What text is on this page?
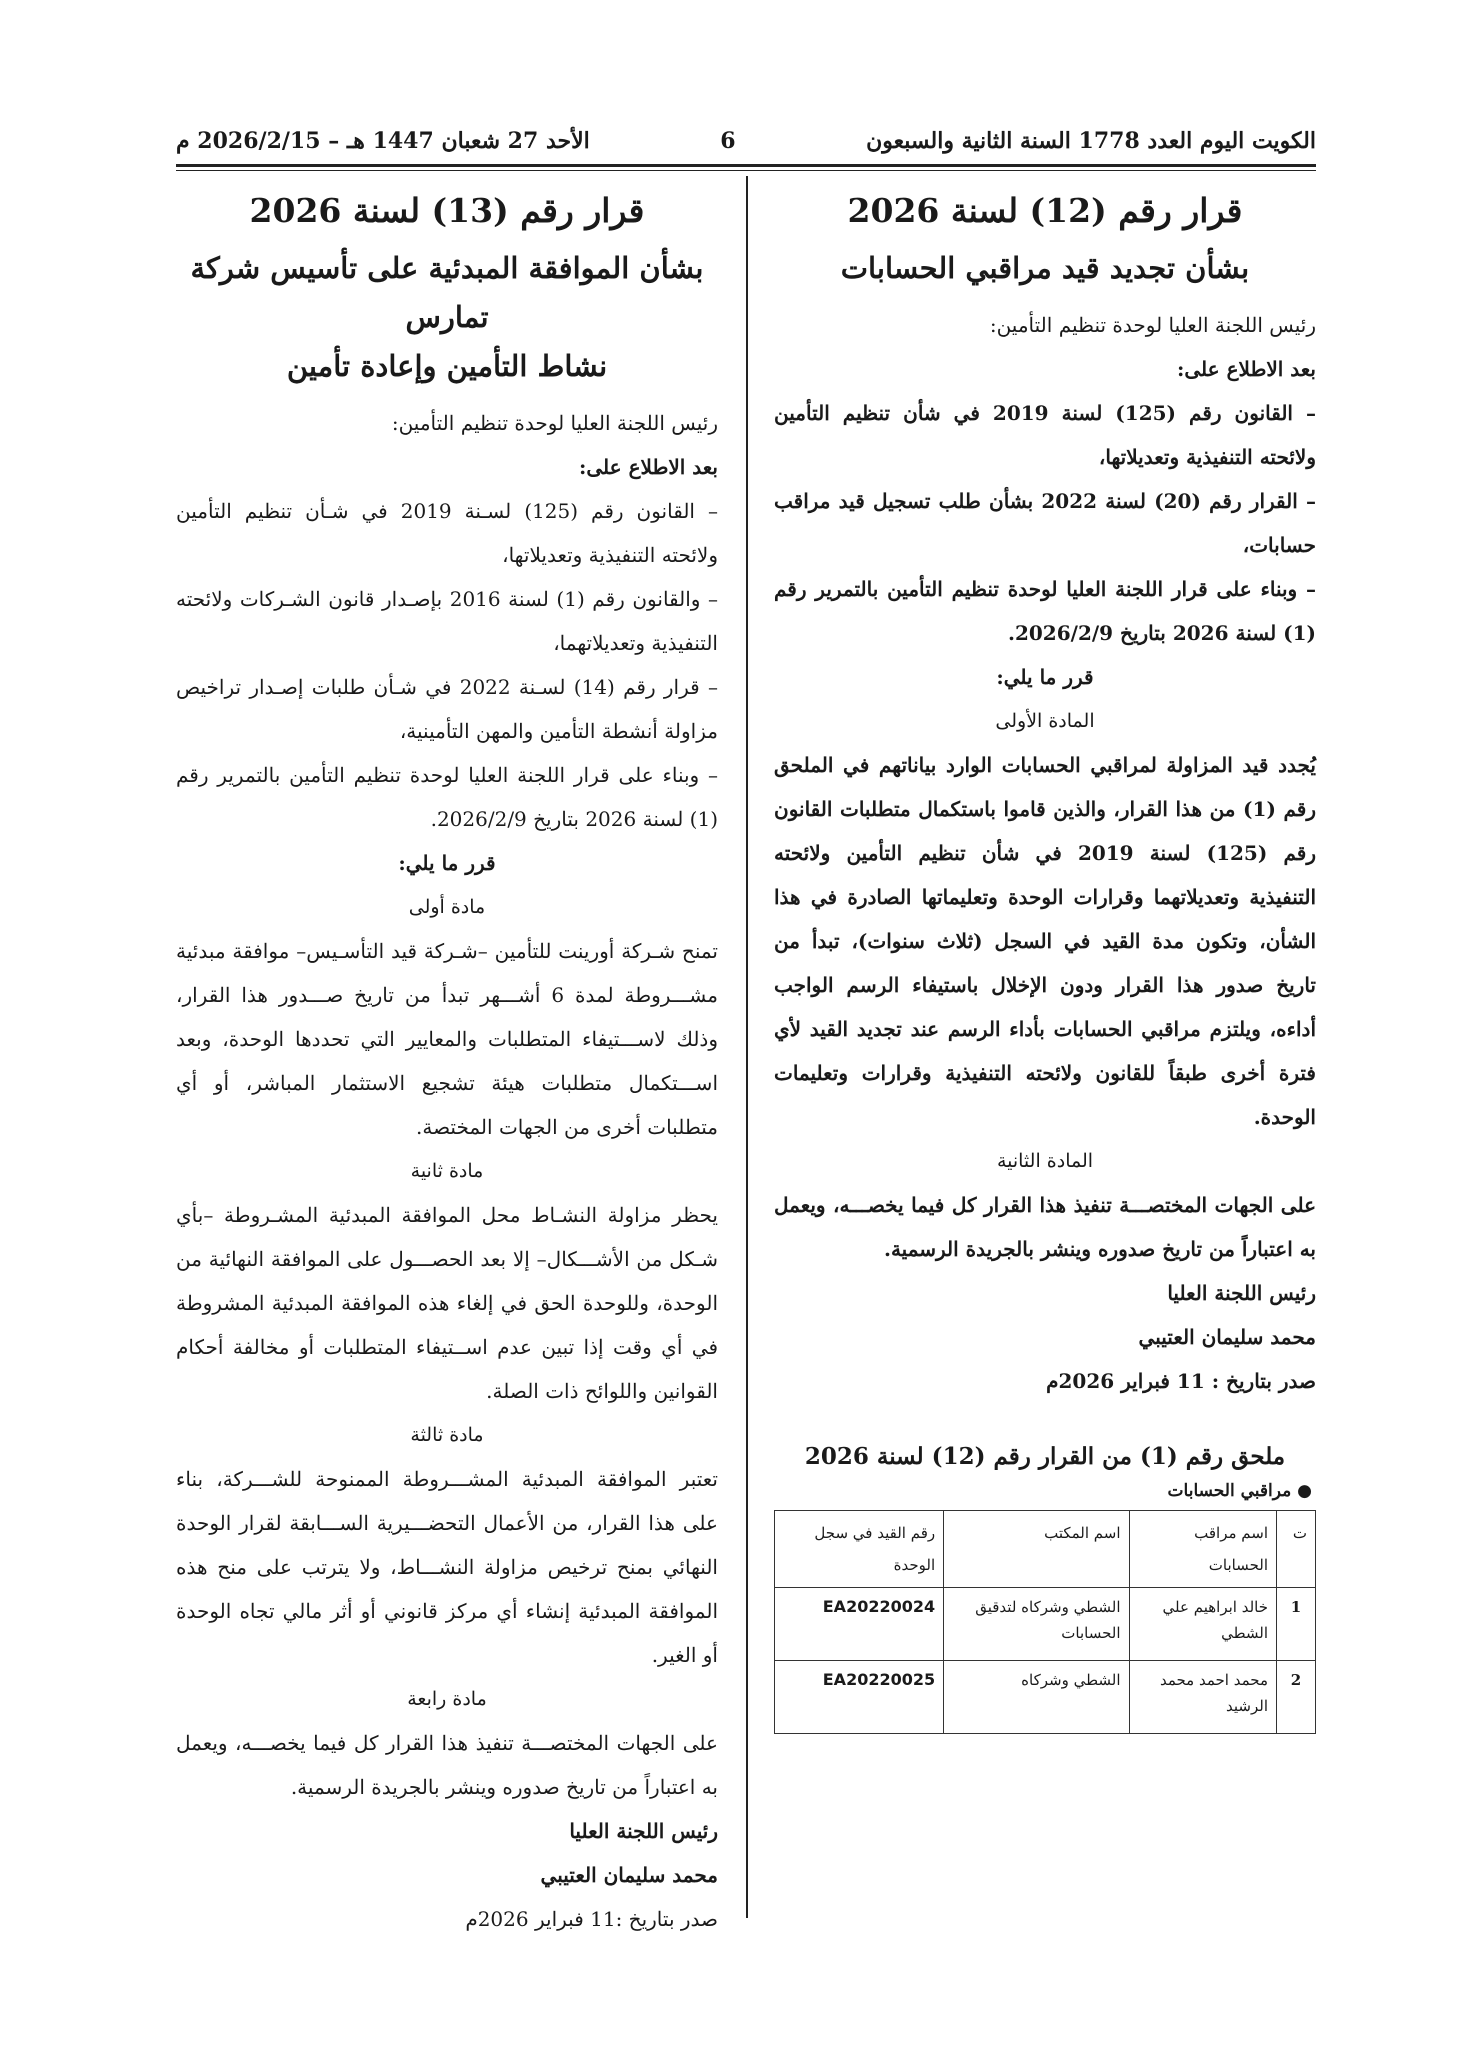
الكويت اليوم العدد 1778 السنة الثانية والسبعون
6
الأحد 27 شعبان 1447 هـ – 2026/2/15 م
قرار رقم (12) لسنة 2026
بشأن تجديد قيد مراقبي الحسابات

رئيس اللجنة العليا لوحدة تنظيم التأمين:

بعد الاطلاع على:

– القانون رقم (125) لسنة 2019 في شأن تنظيم التأمين ولائحته التنفيذية وتعديلاتها،

– القرار رقم (20) لسنة 2022 بشأن طلب تسجيل قيد مراقب حسابات،

– وبناء على قرار اللجنة العليا لوحدة تنظيم التأمين بالتمرير رقم (1) لسنة 2026 بتاريخ 2026/2/9.

قرر ما يلي:

المادة الأولى

يُجدد قيد المزاولة لمراقبي الحسابات الوارد بياناتهم في الملحق رقم (1) من هذا القرار، والذين قاموا باستكمال متطلبات القانون رقم (125) لسنة 2019 في شأن تنظيم التأمين ولائحته التنفيذية وتعديلاتهما وقرارات الوحدة وتعليماتها الصادرة في هذا الشأن، وتكون مدة القيد في السجل (ثلاث سنوات)، تبدأ من تاريخ صدور هذا القرار ودون الإخلال باستيفاء الرسم الواجب أداءه، ويلتزم مراقبي الحسابات بأداء الرسم عند تجديد القيد لأي فترة أخرى طبقاً للقانون ولائحته التنفيذية وقرارات وتعليمات الوحدة.

المادة الثانية

على الجهات المختصـــة تنفيذ هذا القرار كل فيما يخصـــه، ويعمل به اعتباراً من تاريخ صدوره وينشر بالجريدة الرسمية.

رئيس اللجنة العليا

محمد سليمان العتيبي

صدر بتاريخ : 11 فبراير 2026م

ملحق رقم (1) من القرار رقم (12) لسنة 2026
● مراقبي الحسابات
ت	اسم مراقب الحسابات	اسم المكتب	رقم القيد في سجل الوحدة
1	خالد ابراهيم علي الشطي	الشطي وشركاه لتدقيق الحسابات	EA20220024
2	محمد احمد محمد الرشيد	الشطي وشركاه	EA20220025
قرار رقم (13) لسنة 2026
بشأن الموافقة المبدئية على تأسيس شركة تمارس
نشاط التأمين وإعادة تأمين

رئيس اللجنة العليا لوحدة تنظيم التأمين:

بعد الاطلاع على:

– القانون رقم (125) لسـنة 2019 في شـأن تنظيم التأمين ولائحته التنفيذية وتعديلاتها،

– والقانون رقم (1) لسنة 2016 بإصـدار قانون الشـركات ولائحته التنفيذية وتعديلاتهما،

– قرار رقم (14) لسـنة 2022 في شـأن طلبات إصـدار تراخيص مزاولة أنشطة التأمين والمهن التأمينية،

– وبناء على قرار اللجنة العليا لوحدة تنظيم التأمين بالتمرير رقم (1) لسنة 2026 بتاريخ 2026/2/9.

قرر ما يلي:

مادة أولى

تمنح شـركة أورينت للتأمين –شـركة قيد التأسـيس– موافقة مبدئية مشـــروطة لمدة 6 أشـــهر تبدأ من تاريخ صـــدور هذا القرار، وذلك لاســـتيفاء المتطلبات والمعايير التي تحددها الوحدة، وبعد اســـتكمال متطلبات هيئة تشجيع الاستثمار المباشر، أو أي متطلبات أخرى من الجهات المختصة.

مادة ثانية

يحظر مزاولة النشـاط محل الموافقة المبدئية المشـروطة –بأي شـكل من الأشـــكال– إلا بعد الحصـــول على الموافقة النهائية من الوحدة، وللوحدة الحق في إلغاء هذه الموافقة المبدئية المشروطة في أي وقت إذا تبين عدم اســتيفاء المتطلبات أو مخالفة أحكام القوانين واللوائح ذات الصلة.

مادة ثالثة

تعتبر الموافقة المبدئية المشـــروطة الممنوحة للشـــركة، بناء على هذا القرار، من الأعمال التحضـــيرية الســـابقة لقرار الوحدة النهائي بمنح ترخيص مزاولة النشـــاط، ولا يترتب على منح هذه الموافقة المبدئية إنشاء أي مركز قانوني أو أثر مالي تجاه الوحدة أو الغير.

مادة رابعة

على الجهات المختصـــة تنفيذ هذا القرار كل فيما يخصـــه، ويعمل به اعتباراً من تاريخ صدوره وينشر بالجريدة الرسمية.

رئيس اللجنة العليا

محمد سليمان العتيبي

صدر بتاريخ :11 فبراير 2026م
